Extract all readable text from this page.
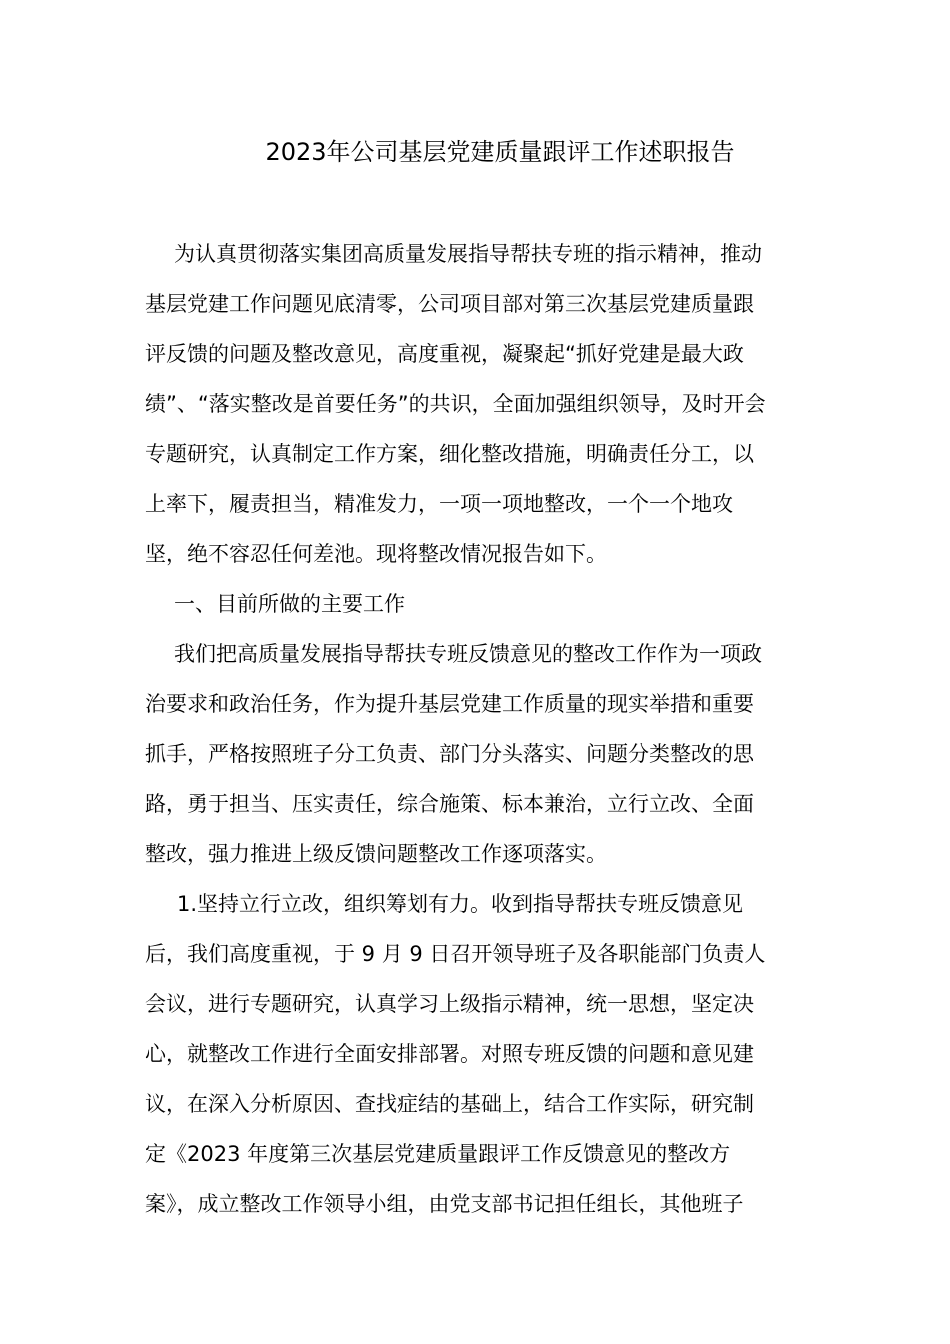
2023年公司基层党建质量跟评工作述职报告
为认真贯彻落实集团高质量发展指导帮扶专班的指示精神，推动
基层党建工作问题见底清零，公司项目部对第三次基层党建质量跟
评反馈的问题及整改意见，高度重视，凝聚起“抓好党建是最大政
绩”、“落实整改是首要任务”的共识，全面加强组织领导，及时开会
专题研究，认真制定工作方案，细化整改措施，明确责任分工，以
上率下，履责担当，精准发力，一项一项地整改，一个一个地攻
坚，绝不容忍任何差池。现将整改情况报告如下。
一、目前所做的主要工作
我们把高质量发展指导帮扶专班反馈意见的整改工作作为一项政
治要求和政治任务，作为提升基层党建工作质量的现实举措和重要
抓手，严格按照班子分工负责、部门分头落实、问题分类整改的思
路，勇于担当、压实责任，综合施策、标本兼治，立行立改、全面
整改，强力推进上级反馈问题整改工作逐项落实。
1.坚持立行立改，组织筹划有力。收到指导帮扶专班反馈意见
后，我们高度重视，于 9 月 9 日召开领导班子及各职能部门负责人
会议，进行专题研究，认真学习上级指示精神，统一思想，坚定决
心，就整改工作进行全面安排部署。对照专班反馈的问题和意见建
议，在深入分析原因、查找症结的基础上，结合工作实际，研究制
定《2023 年度第三次基层党建质量跟评工作反馈意见的整改方
案》，成立整改工作领导小组，由党支部书记担任组长，其他班子
